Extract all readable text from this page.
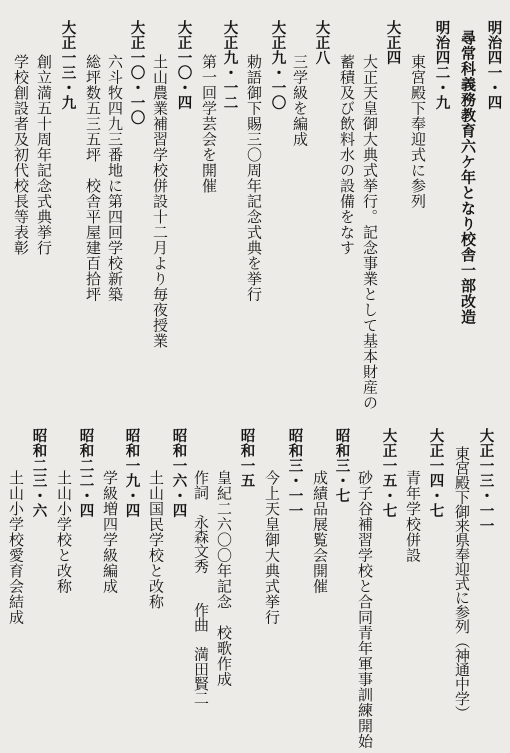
明治四一・四
尋常科義務教育六ケ年となり校舎一部改造
明治四二・九
東宮殿下奉迎式に参列
大正四
大正天皇御大典式挙行。記念事業として基本財産の
蓄積及び飲料水の設備をなす
大正八
三学級を編成
大正九・一〇
勅語御下賜三〇周年記念式典を挙行
大正九・一二
第一回学芸会を開催
大正一〇・四
土山農業補習学校併設十二月より毎夜授業
大正一〇・一〇
六斗牧四九三番地に第四回学校新築
総坪数五三五坪　校舎平屋建百拾坪
大正一三・九
創立満五十周年記念式典挙行
学校創設者及初代校長等表彰
大正一三・一一
東宮殿下御来県奉迎式に参列（神通中学）
大正一四・七
青年学校併設
大正一五・七
砂子谷補習学校と合同青年軍事訓練開始
昭和三・七
成績品展覧会開催
昭和三・一一
今上天皇御大典式挙行
昭和一五
皇紀二六〇〇年記念　校歌作成
作詞　永森文秀　　作曲　満田賢二
昭和一六・四
土山国民学校と改称
昭和一九・四
学級増四学級編成
昭和二二・四
土山小学校と改称
昭和二三・六
土山小学校愛育会結成
